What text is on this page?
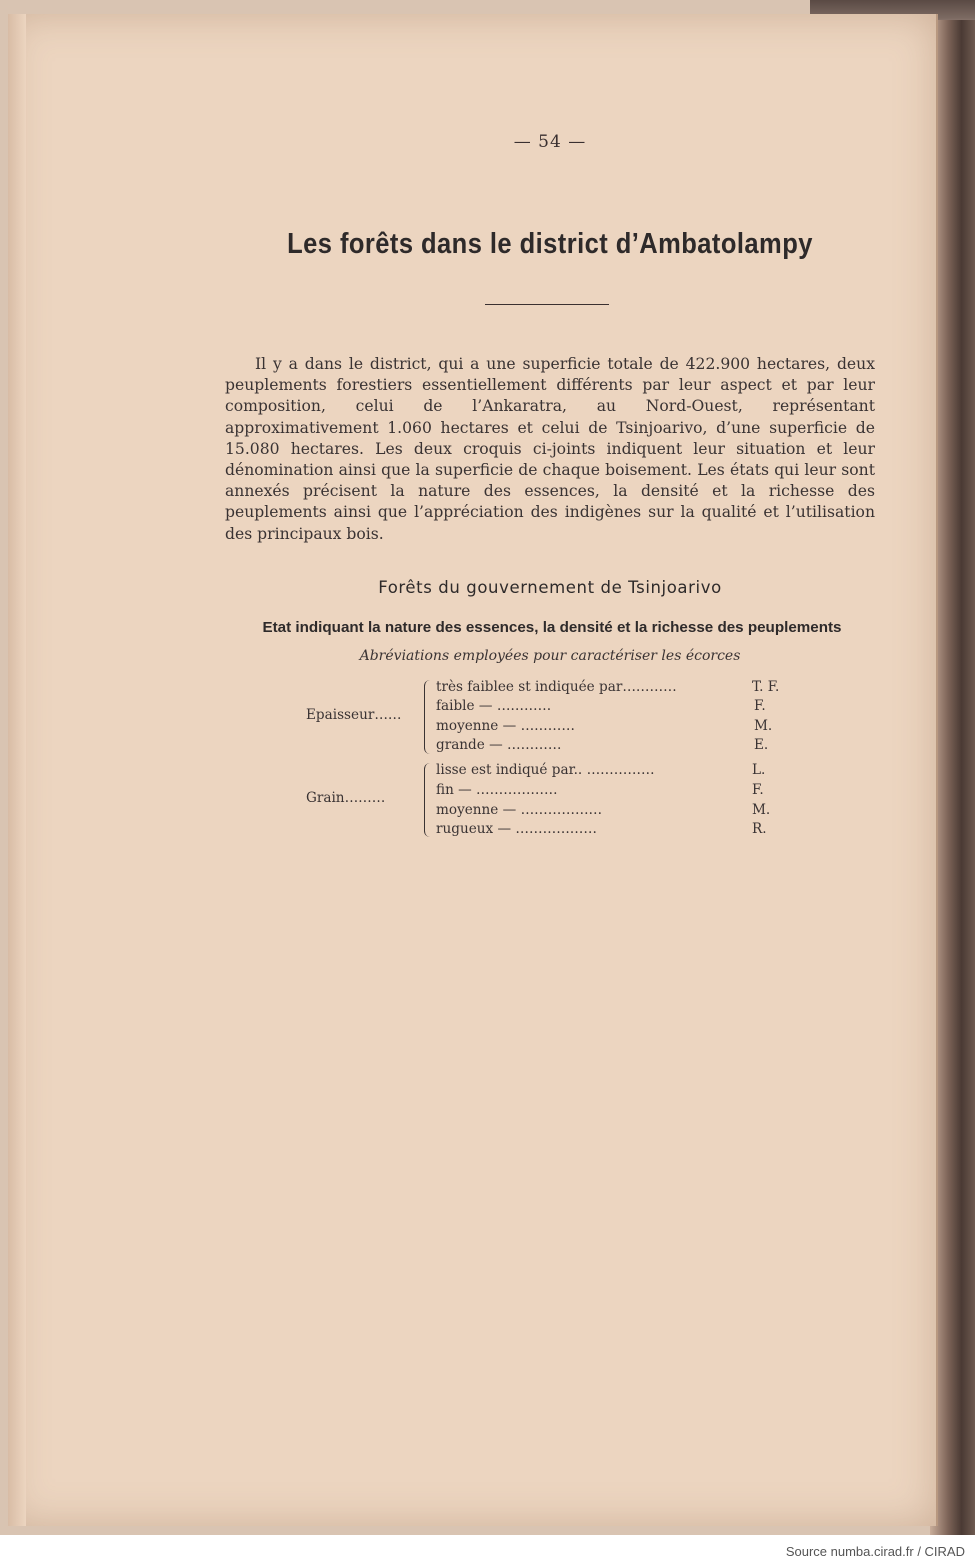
— 54 —
Les forêts dans le district d’Ambatolampy
Il y a dans le district, qui a une superficie totale de 422.900 hectares, deux peuplements forestiers essentiellement différents par leur aspect et par leur composition, celui de l’Ankaratra, au Nord-Ouest, représentant approximativement 1.060 hectares et celui de Tsinjoarivo, d’une superficie de 15.080 hectares. Les deux croquis ci-joints indiquent leur situation et leur dénomination ainsi que la superficie de chaque boisement. Les états qui leur sont annexés précisent la nature des essences, la densité et la richesse des peuplements ainsi que l’appréciation des indigènes sur la qualité et l’utilisation des principaux bois.
Forêts du gouvernement de Tsinjoarivo
Etat indiquant la nature des essences, la densité et la richesse des peuplements
Abréviations employées pour caractériser les écorces
Epaisseur……
très faiblee st indiquée par…………	T. F.
faible — …………	F.
moyenne — …………	M.
grande — …………	E.
Grain………
lisse est indiqué par.. ……………	L.
fin — ………………	F.
moyenne — ………………	M.
rugueux — ………………	R.
Source numba.cirad.fr / CIRAD
